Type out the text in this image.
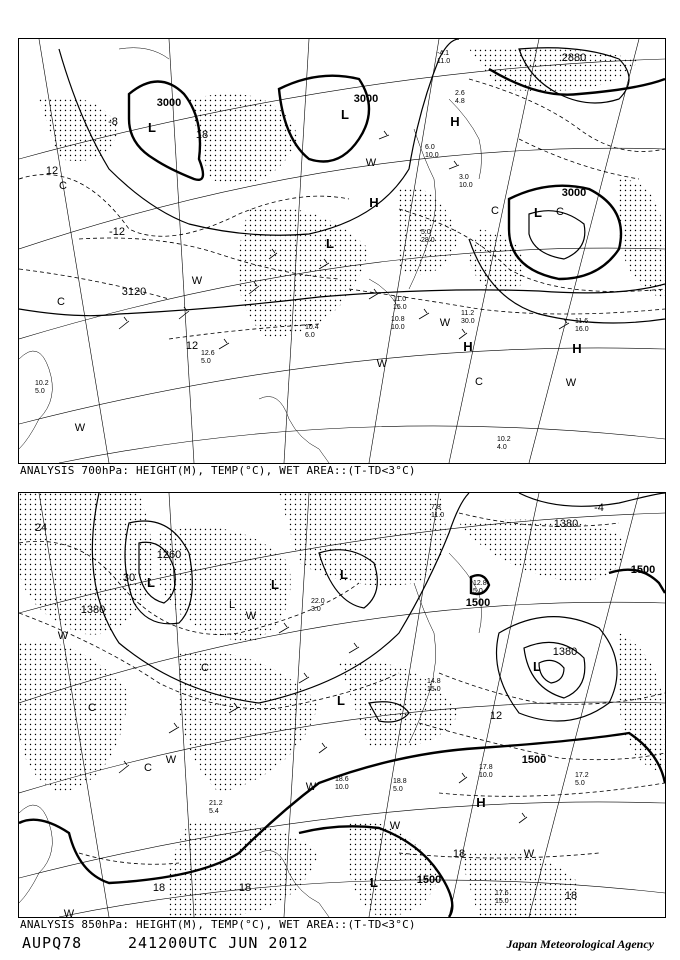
3000	3000
3000
3120
2880
-12
12
18
-8
12
L
L
L
L
H
H
H	H
C
C
C	C
C
W
W
W
W
W
W
-4.1 11.0
2.6 4.8
6.0 10.0
3.0 10.0
11.2 30.0	11.6 16.0
10.2 4.0
10.2 5.0
10.8 10.0
11.0 15.0
10.4 6.0
12.6 5.0
5.0 28.0
ANALYSIS 700hPa: HEIGHT(M), TEMP(°C), WET AREA::(T-TD<3°C)
1380
1260
1380
1500
1500
1500
1500
1380
24
30
12
18	18
18
18
-4
L	L
L
L
L
L
L
H
W
W
W
W
W
W
W
C
C
C
7.8 11.0
12.8 5.0
17.8 10.0	17.2 5.0
17.6 15.0
18.8 5.0
21.2 5.4
14.8 15.0
18.6 10.0
22.0 3.0
ANALYSIS 850hPa: HEIGHT(M), TEMP(°C), WET AREA::(T-TD<3°C)
AUPQ78	241200UTC JUN 2012	Japan Meteorological Agency
